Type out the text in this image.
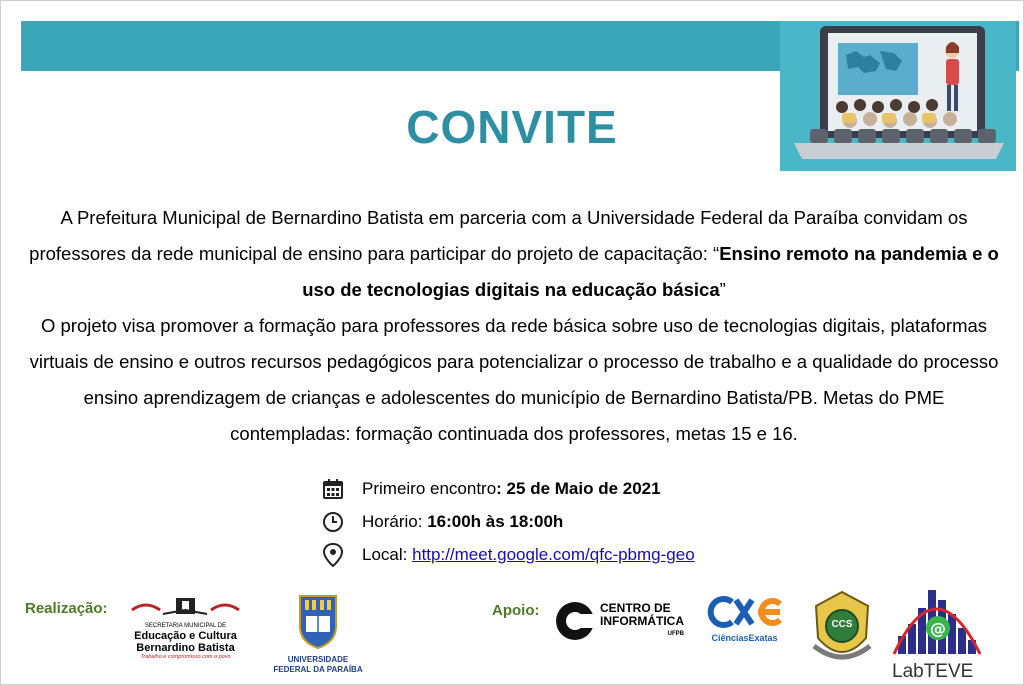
CONVITE
A Prefeitura Municipal de Bernardino Batista em parceria com a Universidade Federal da Paraíba convidam os professores da rede municipal de ensino para participar do projeto de capacitação: “Ensino remoto na pandemia e o uso de tecnologias digitais na educação básica”
O projeto visa promover a formação para professores da rede básica sobre uso de tecnologias digitais, plataformas virtuais de ensino e outros recursos pedagógicos para potencializar o processo de trabalho e a qualidade do processo ensino aprendizagem de crianças e adolescentes do município de Bernardino Batista/PB. Metas do PME contempladas: formação continuada dos professores, metas 15 e 16.
Primeiro encontro : 25 de Maio de 2021
Horário:
16:00h às 18:00h
Local:
http://meet.google.com/qfc-pbmg-geo
Realização:	Apoio:
SECRETARIA MUNICIPAL DE
Educação e Cultura
Bernardino Batista
Trabalho e compromisso com o povo	UNIVERSIDADE
FEDERAL DA PARAÍBA
CENTRO DE
INFORMÁTICA
UFPB	CiênciasExatas
CCS	@
LabTEVE
